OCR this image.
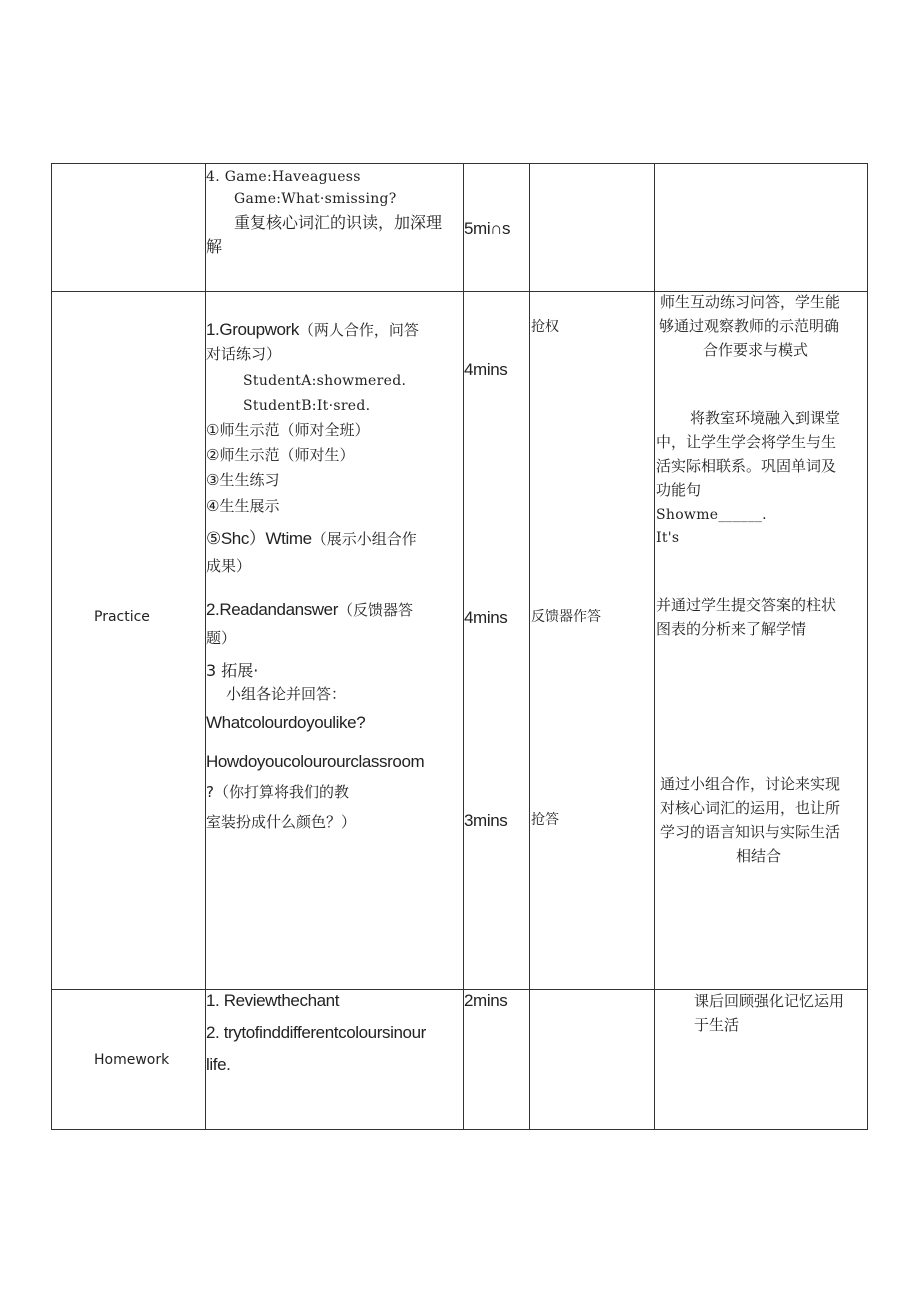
4. Game:Haveaguess
Game:What·smissing?
重复核心词汇的识读，加深理
解
5mi∩s
Practice
1.Groupwork（两人合作，问答
对话练习）
StudentA:showmered.
StudentB:It·sred.
①师生示范（师对全班）
②师生示范（师对生）
③生生练习
④生生展示
⑤Shc）Wtime（展示小组合作
成果）
2.Readandanswer（反馈器答
题）
3 拓展·
小组各论并回答：
Whatcolourdoyoulike?
Howdoyoucolourourclassroom
?（你打算将我们的教
室装扮成什么颜色？）
4mins
4mins
3mins
抢权
反馈器作答
抢答
师生互动练习问答，学生能
够通过观察教师的示范明确
合作要求与模式
将教室环境融入到课堂
中，让学生学会将学生与生
活实际相联系。巩固单词及
功能句
Showme______.
It's
并通过学生提交答案的柱状
图表的分析来了解学情
通过小组合作，讨论来实现
对核心词汇的运用，也让所
学习的语言知识与实际生活
相结合
Homework
1. Reviewthechant
2. trytofinddifferentcoloursinour
life.
2mins	课后回顾强化记忆运用
于生活
